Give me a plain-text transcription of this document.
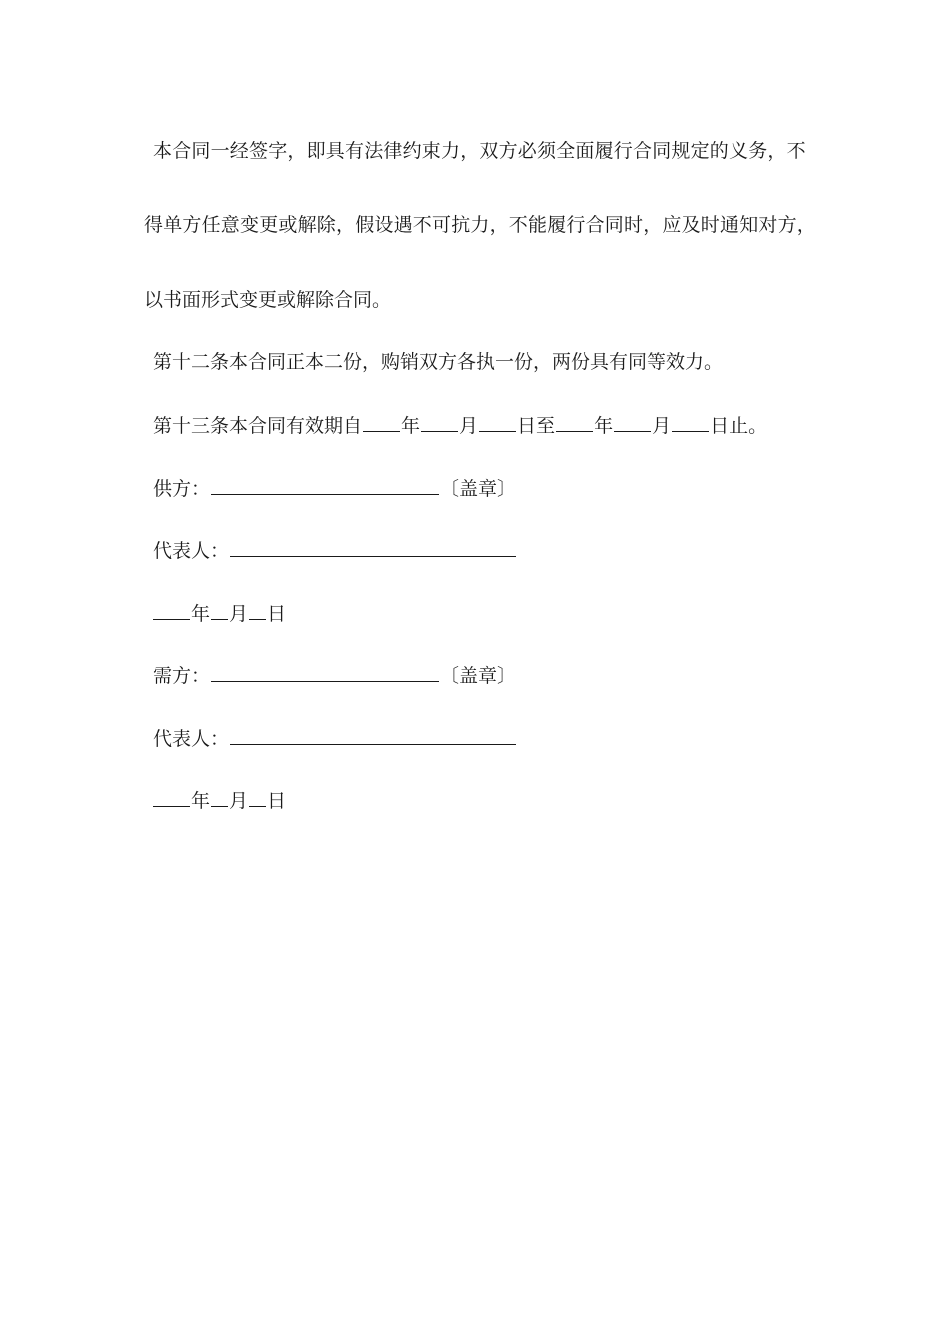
本合同一经签字，即具有法律约束力，双方必须全面履行合同规定的义务，不
得单方任意变更或解除，假设遇不可抗力，不能履行合同时，应及时通知对方，
以书面形式变更或解除合同。
第十二条本合同正本二份，购销双方各执一份，两份具有同等效力。
第十三条本合同有效期自 年 月 日至 年 月 日止。
供方：	〔盖章〕
代表人：
年 月 日
需方：	〔盖章〕
代表人：
年 月 日
